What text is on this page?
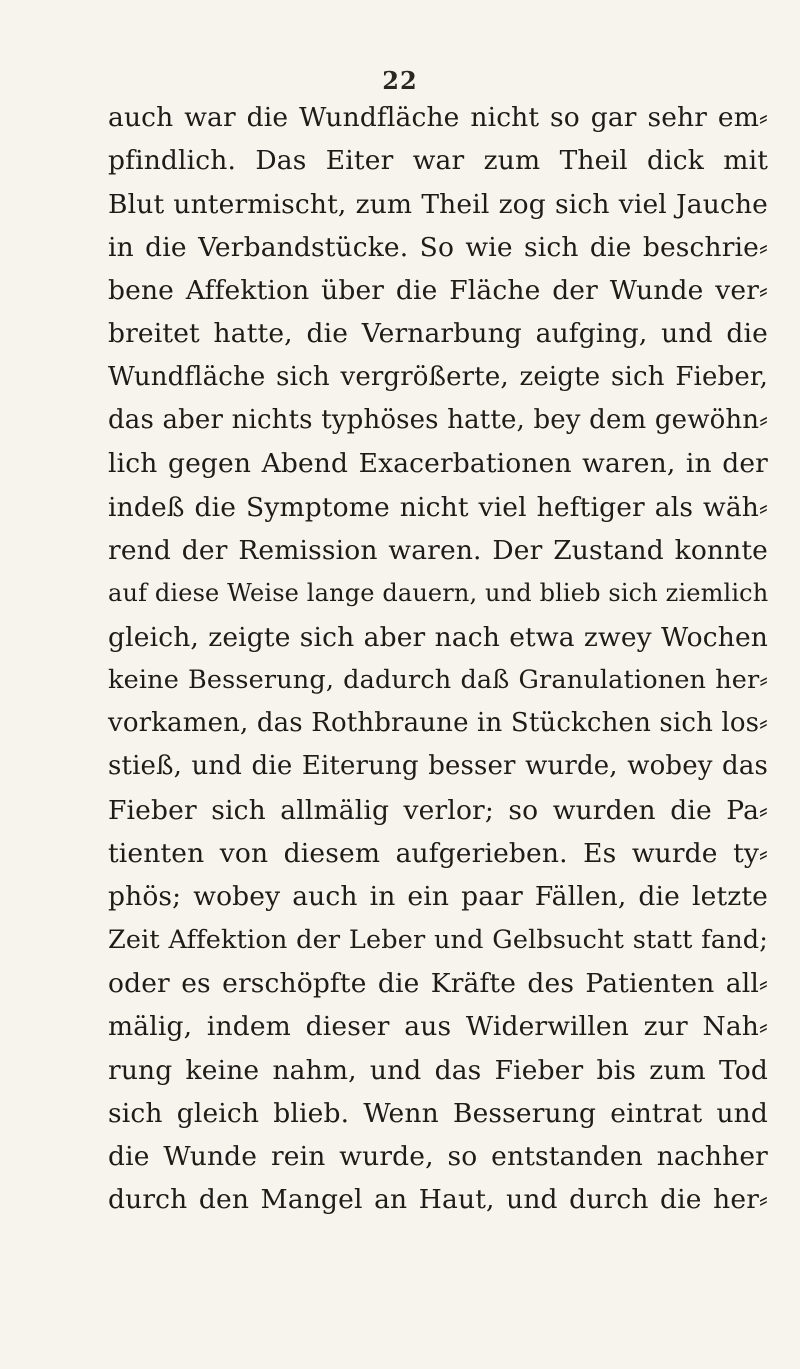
22
auch war die Wundfläche nicht so gar sehr em⸗
pfindlich. Das Eiter war zum Theil dick mit
Blut untermischt, zum Theil zog sich viel Jauche
in die Verbandstücke. So wie sich die beschrie⸗
bene Affektion über die Fläche der Wunde ver⸗
breitet hatte, die Vernarbung aufging, und die
Wundfläche sich vergrößerte, zeigte sich Fieber,
das aber nichts typhöses hatte, bey dem gewöhn⸗
lich gegen Abend Exacerbationen waren, in der
indeß die Symptome nicht viel heftiger als wäh⸗
rend der Remission waren. Der Zustand konnte
auf diese Weise lange dauern, und blieb sich ziemlich
gleich, zeigte sich aber nach etwa zwey Wochen
keine Besserung, dadurch daß Granulationen her⸗
vorkamen, das Rothbraune in Stückchen sich los⸗
stieß, und die Eiterung besser wurde, wobey das
Fieber sich allmälig verlor; so wurden die Pa⸗
tienten von diesem aufgerieben. Es wurde ty⸗
phös; wobey auch in ein paar Fällen, die letzte
Zeit Affektion der Leber und Gelbsucht statt fand;
oder es erschöpfte die Kräfte des Patienten all⸗
mälig, indem dieser aus Widerwillen zur Nah⸗
rung keine nahm, und das Fieber bis zum Tod
sich gleich blieb. Wenn Besserung eintrat und
die Wunde rein wurde, so entstanden nachher
durch den Mangel an Haut, und durch die her⸗
